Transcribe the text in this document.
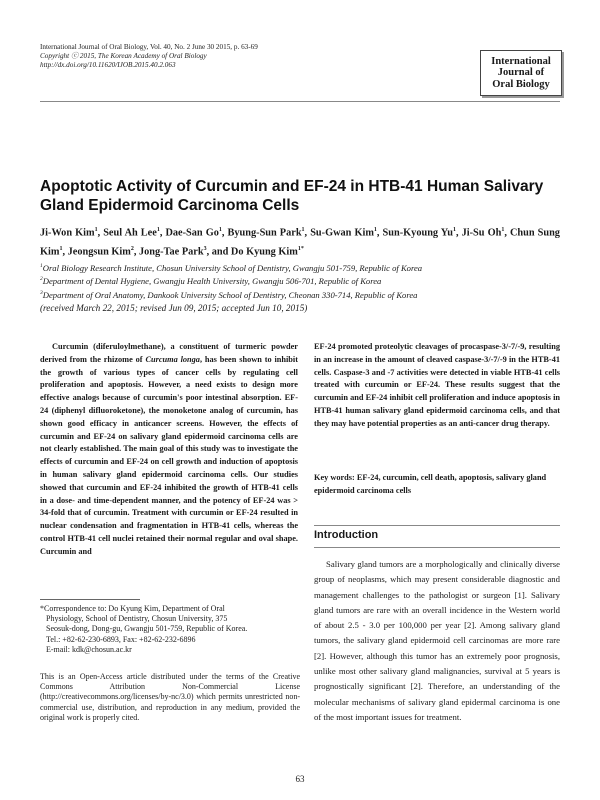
International Journal of Oral Biology, Vol. 40, No. 2 June 30 2015, p. 63-69
Copyright ⓒ 2015, The Korean Academy of Oral Biology
http://dx.doi.org/10.11620/IJOB.2015.40.2.063	International
Journal of
Oral Biology
Apoptotic Activity of Curcumin and EF-24 in HTB-41 Human Salivary Gland Epidermoid Carcinoma Cells
Ji-Won Kim$^1$, Seul Ah Lee$^1$, Dae-San Go$^1$, Byung-Sun Park$^1$, Su-Gwan Kim$^1$, Sun-Kyoung Yu$^1$, Ji-Su Oh$^1$, Chun Sung Kim$^1$, Jeongsun Kim$^2$, Jong-Tae Park$^3$, and Do Kyung Kim$^{1*}$
$^1$Oral Biology Research Institute, Chosun University School of Dentistry, Gwangju 501-759, Republic of Korea
$^2$Department of Dental Hygiene, Gwangju Health University, Gwangju 506-701, Republic of Korea
$^3$Department of Oral Anatomy, Dankook University School of Dentistry, Cheonan 330-714, Republic of Korea
(received March 22, 2015; revised Jun 09, 2015; accepted Jun 10, 2015)

Curcumin (diferuloylmethane), a constituent of turmeric powder derived from the rhizome of Curcuma longa, has been shown to inhibit the growth of various types of cancer cells by regulating cell proliferation and apoptosis. However, a need exists to design more effective analogs because of curcumin's poor intestinal absorption. EF-24 (diphenyl difluoroketone), the monoketone analog of curcumin, has shown good efficacy in anticancer screens. However, the effects of curcumin and EF-24 on salivary gland epidermoid carcinoma cells are not clearly established. The main goal of this study was to investigate the effects of curcumin and EF-24 on cell growth and induction of apoptosis in human salivary gland epidermoid carcinoma cells. Our studies showed that curcumin and EF-24 inhibited the growth of HTB-41 cells in a dose- and time-dependent manner, and the potency of EF-24 was > 34-fold that of curcumin. Treatment with curcumin or EF-24 resulted in nuclear condensation and fragmentation in HTB-41 cells, whereas the control HTB-41 cell nuclei retained their normal regular and oval shape. Curcumin and

EF-24 promoted proteolytic cleavages of procaspase-3/-7/-9, resulting in an increase in the amount of cleaved caspase-3/-7/-9 in the HTB-41 cells. Caspase-3 and -7 activities were detected in viable HTB-41 cells treated with curcumin or EF-24. These results suggest that the curcumin and EF-24 inhibit cell proliferation and induce apoptosis in HTB-41 human salivary gland epidermoid carcinoma cells, and that they may have potential properties as an anti-cancer drug therapy.

Key words: EF-24, curcumin, cell death, apoptosis, salivary gland epidermoid carcinoma cells
Introduction

Salivary gland tumors are a morphologically and clinically diverse group of neoplasms, which may present considerable diagnostic and management challenges to the pathologist or surgeon [1]. Salivary gland tumors are rare with an overall incidence in the Western world of about 2.5 - 3.0 per 100,000 per year [2]. Among salivary gland tumors, the salivary gland epidermoid cell carcinomas are more rare [2]. However, although this tumor has an extremely poor prognosis, unlike most other salivary gland malignancies, survival at 5 years is prognostically significant [2]. Therefore, an understanding of the molecular mechanisms of salivary gland epidermal carcinoma is one of the most important issues for treatment.

*Correspondence to: Do Kyung Kim, Department of Oral
Physiology, School of Dentistry, Chosun University, 375
Seosuk-dong, Dong-gu, Gwangju 501-759, Republic of Korea.
Tel.: +82-62-230-6893, Fax: +82-62-232-6896
E-mail: kdk@chosun.ac.kr
This is an Open-Access article distributed under the terms of the Creative Commons Attribution Non-Commercial License (http://creativecommons.org/licenses/by-nc/3.0) which permits unrestricted non-commercial use, distribution, and reproduction in any medium, provided the original work is properly cited.
63
